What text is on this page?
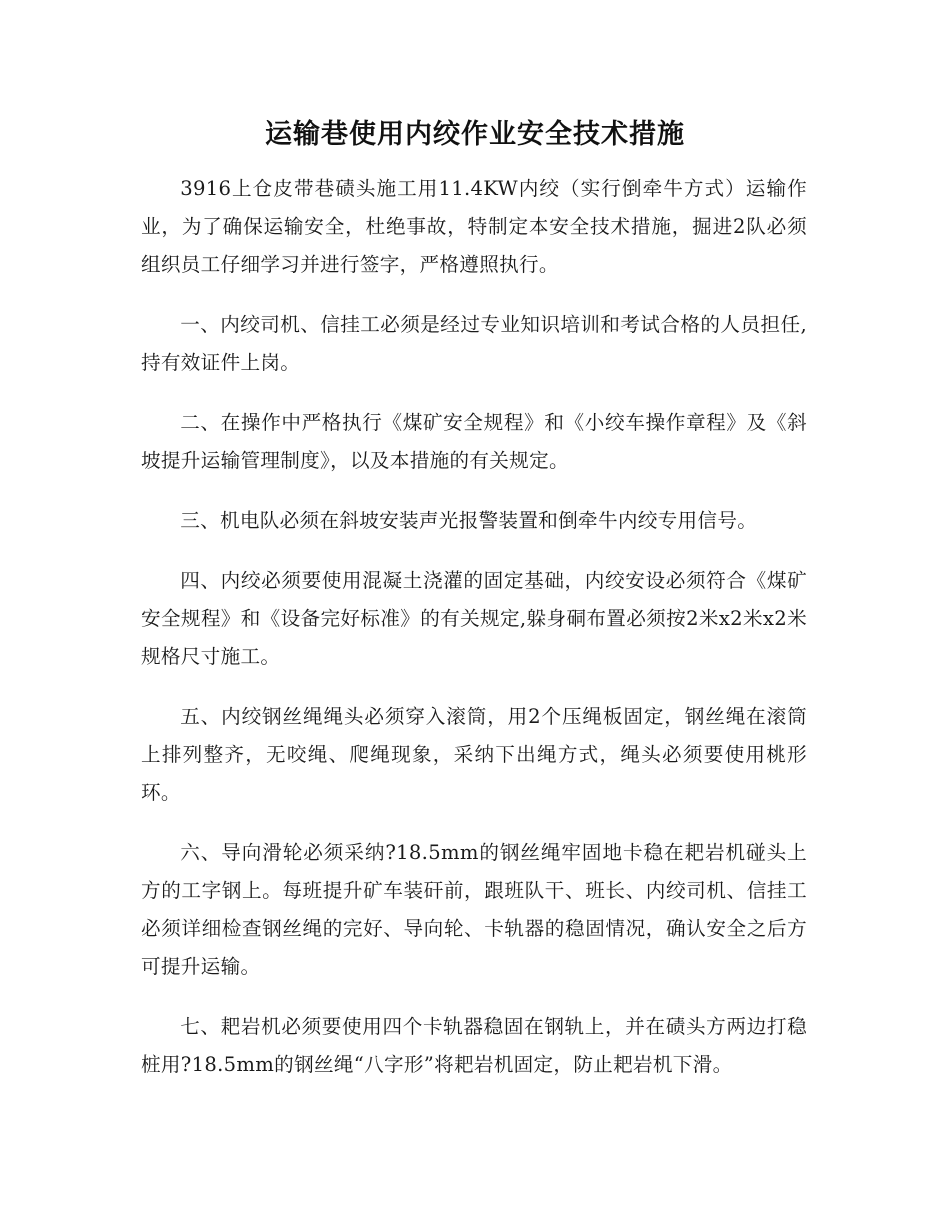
运输巷使用内绞作业安全技术措施

3916上仓皮带巷碛头施工用11.4KW内绞（实行倒牵牛方式）运输作业，为了确保运输安全，杜绝事故，特制定本安全技术措施，掘进2队必须组织员工仔细学习并进行签字，严格遵照执行。

一、内绞司机、信挂工必须是经过专业知识培训和考试合格的人员担任,持有效证件上岗。

二、在操作中严格执行《煤矿安全规程》和《小绞车操作章程》及《斜坡提升运输管理制度》，以及本措施的有关规定。

三、机电队必须在斜坡安装声光报警装置和倒牵牛内绞专用信号。

四、内绞必须要使用混凝土浇灌的固定基础，内绞安设必须符合《煤矿安全规程》和《设备完好标准》的有关规定,躲身硐布置必须按2米x2米x2米规格尺寸施工。

五、内绞钢丝绳绳头必须穿入滚筒，用2个压绳板固定，钢丝绳在滚筒上排列整齐，无咬绳、爬绳现象，采纳下出绳方式，绳头必须要使用桃形环。

六、导向滑轮必须采纳?18.5mm的钢丝绳牢固地卡稳在耙岩机碰头上方的工字钢上。每班提升矿车装矸前，跟班队干、班长、内绞司机、信挂工必须详细检查钢丝绳的完好、导向轮、卡轨器的稳固情况，确认安全之后方可提升运输。

七、耙岩机必须要使用四个卡轨器稳固在钢轨上，并在碛头方两边打稳桩用?18.5mm的钢丝绳“八字形”将耙岩机固定，防止耙岩机下滑。
